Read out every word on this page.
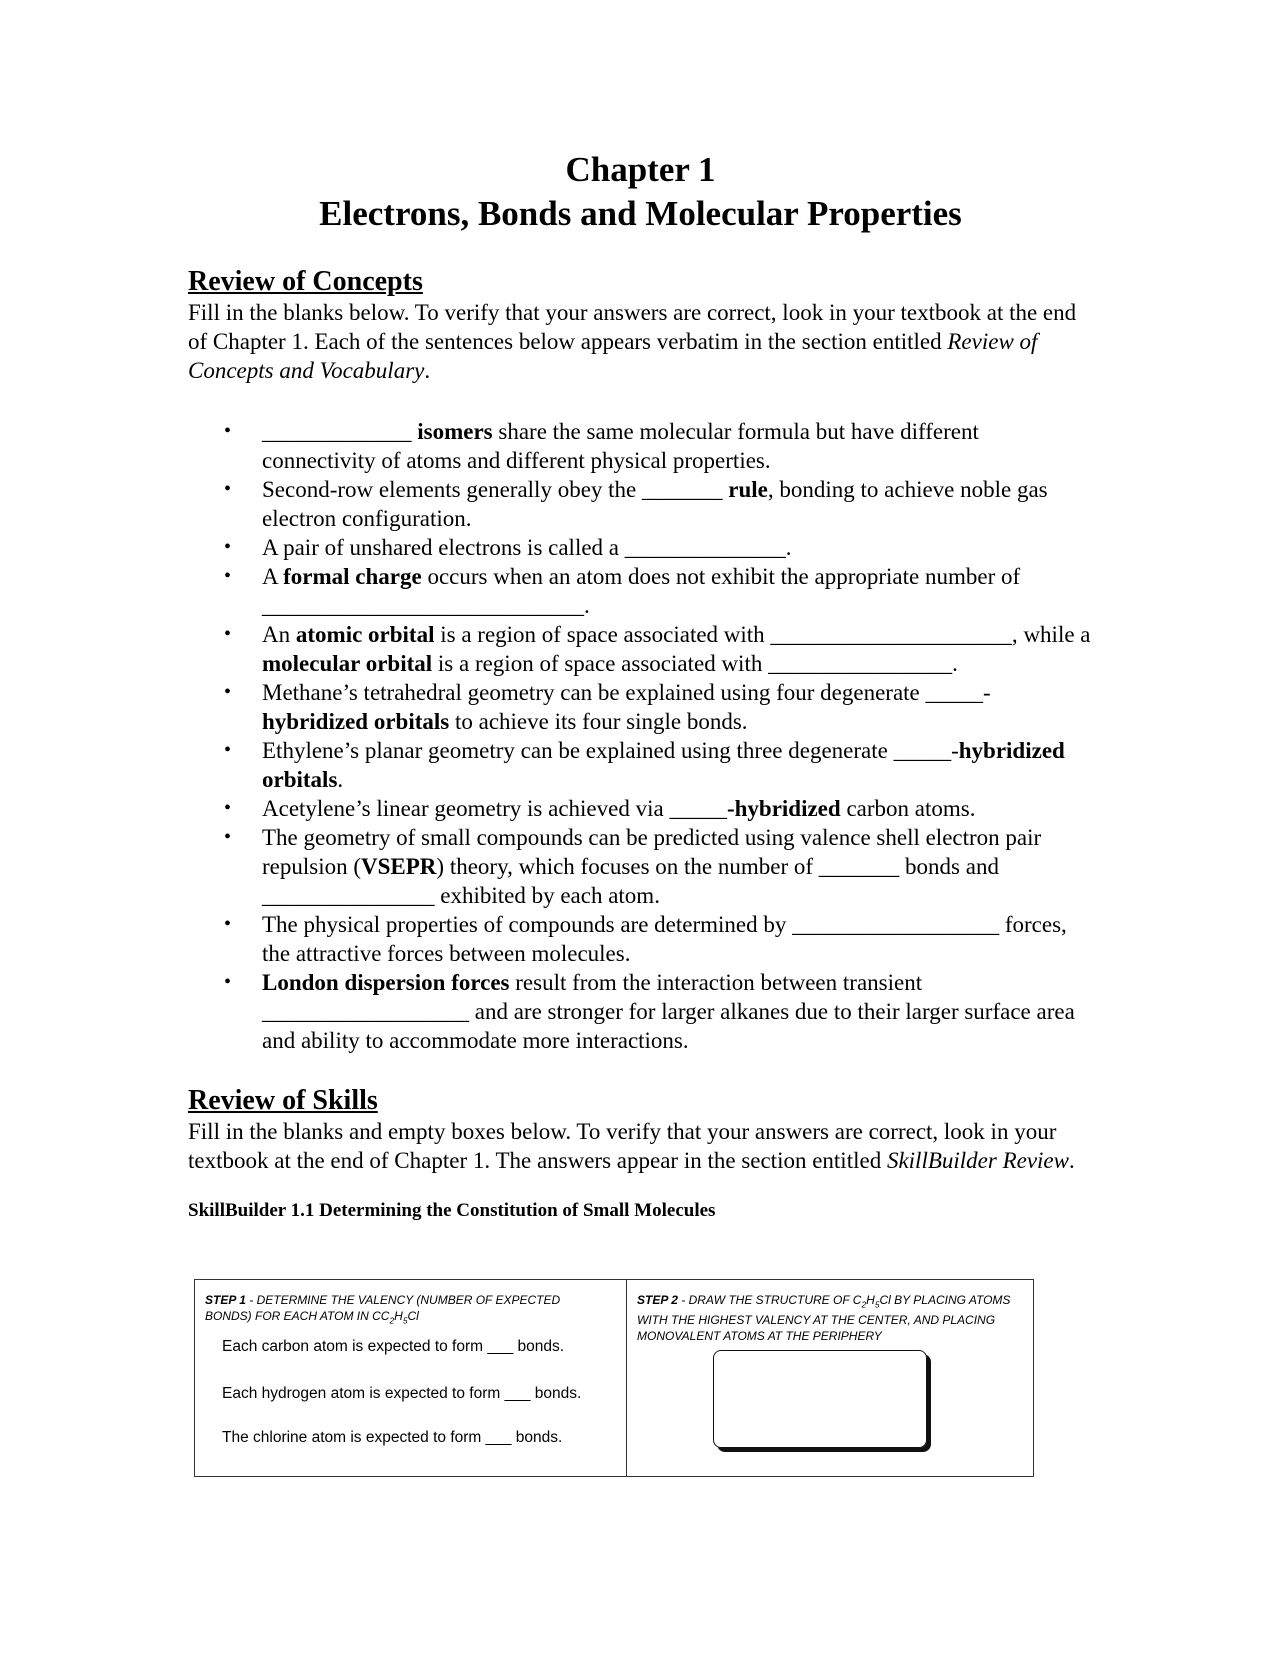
Chapter 1
Electrons, Bonds and Molecular Properties
Review of Concepts

Fill in the blanks below. To verify that your answers are correct, look in your textbook at the end of Chapter 1. Each of the sentences below appears verbatim in the section entitled Review of Concepts and Vocabulary.

• _____________ isomers share the same molecular formula but have different connectivity of atoms and different physical properties.
• Second-row elements generally obey the _______ rule, bonding to achieve noble gas electron configuration.
• A pair of unshared electrons is called a ______________.
• A formal charge occurs when an atom does not exhibit the appropriate number of ____________________________.
• An atomic orbital is a region of space associated with _____________________, while a molecular orbital is a region of space associated with ________________.
• Methane’s tetrahedral geometry can be explained using four degenerate _____-hybridized orbitals to achieve its four single bonds.
• Ethylene’s planar geometry can be explained using three degenerate _____-hybridized orbitals.
• Acetylene’s linear geometry is achieved via _____-hybridized carbon atoms.
• The geometry of small compounds can be predicted using valence shell electron pair repulsion (VSEPR) theory, which focuses on the number of _______ bonds and _______________ exhibited by each atom.
• The physical properties of compounds are determined by __________________ forces, the attractive forces between molecules.
• London dispersion forces result from the interaction between transient __________________ and are stronger for larger alkanes due to their larger surface area and ability to accommodate more interactions.
Review of Skills

Fill in the blanks and empty boxes below. To verify that your answers are correct, look in your textbook at the end of Chapter 1. The answers appear in the section entitled SkillBuilder Review.

SkillBuilder 1.1 Determining the Constitution of Small Molecules
STEP 1 - DETERMINE THE VALENCY (NUMBER OF EXPECTED BONDS) FOR EACH ATOM IN $CC_2H_5Cl$
Each carbon atom is expected to form ___ bonds.
Each hydrogen atom is expected to form ___ bonds.
The chlorine atom is expected to form ___ bonds.
STEP 2 - DRAW THE STRUCTURE OF $C_2H_5Cl$ BY PLACING ATOMS WITH THE HIGHEST VALENCY AT THE CENTER, AND PLACING MONOVALENT ATOMS AT THE PERIPHERY
